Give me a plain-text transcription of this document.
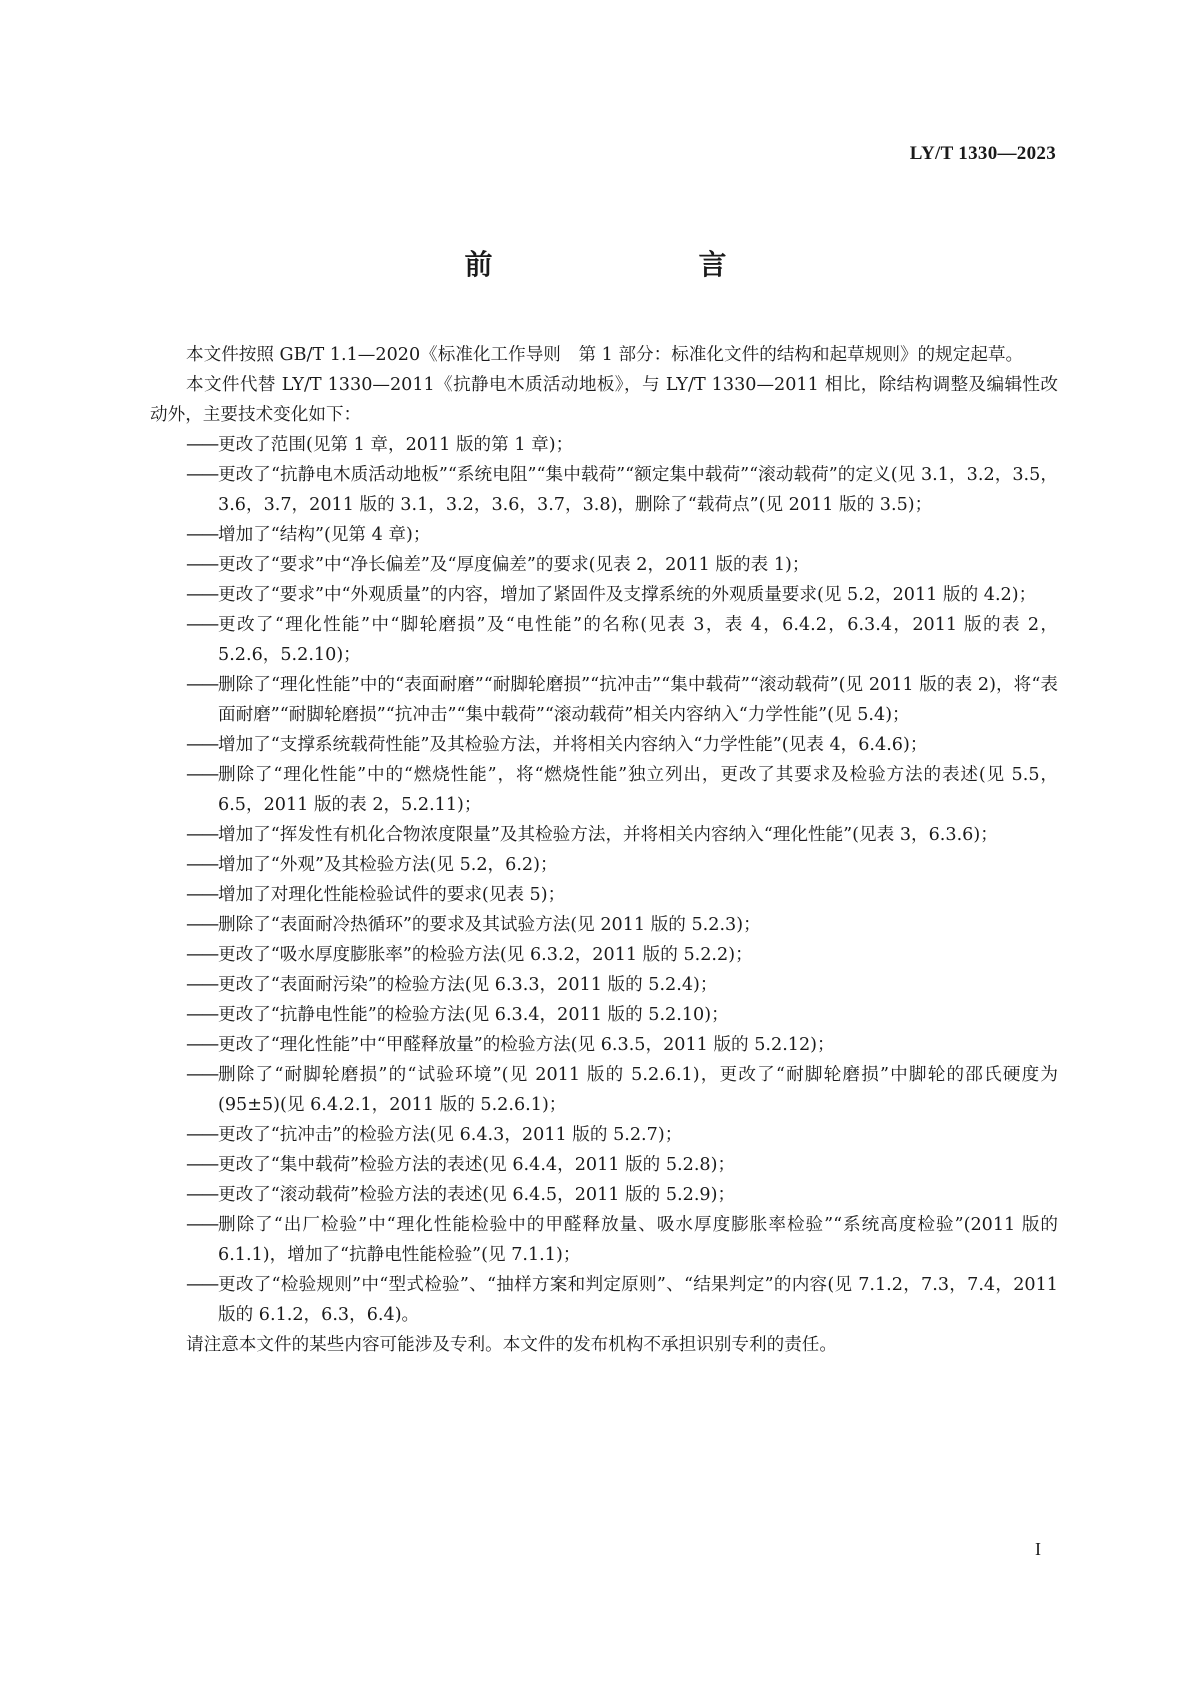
LY/T 1330—2023
前　　言

本文件按照 GB/T 1.1—2020《标准化工作导则　第 1 部分：标准化文件的结构和起草规则》的规定起草。

本文件代替 LY/T 1330—2011《抗静电木质活动地板》，与 LY/T 1330—2011 相比，除结构调整及编辑性改动外，主要技术变化如下：

—— 更改了范围(见第 1 章，2011 版的第 1 章)；

—— 更改了“抗静电木质活动地板”“系统电阻”“集中载荷”“额定集中载荷”“滚动载荷”的定义(见 3.1，3.2，3.5，3.6，3.7，2011 版的 3.1，3.2，3.6，3.7，3.8)，删除了“载荷点”(见 2011 版的 3.5)；

—— 增加了“结构”(见第 4 章)；

—— 更改了“要求”中“净长偏差”及“厚度偏差”的要求(见表 2，2011 版的表 1)；

—— 更改了“要求”中“外观质量”的内容，增加了紧固件及支撑系统的外观质量要求(见 5.2，2011 版的 4.2)；

—— 更改了“理化性能”中“脚轮磨损”及“电性能”的名称(见表 3，表 4，6.4.2，6.3.4，2011 版的表 2，5.2.6，5.2.10)；

—— 删除了“理化性能”中的“表面耐磨”“耐脚轮磨损”“抗冲击”“集中载荷”“滚动载荷”(见 2011 版的表 2)，将“表面耐磨”“耐脚轮磨损”“抗冲击”“集中载荷”“滚动载荷”相关内容纳入“力学性能”(见 5.4)；

—— 增加了“支撑系统载荷性能”及其检验方法，并将相关内容纳入“力学性能”(见表 4，6.4.6)；

—— 删除了“理化性能”中的“燃烧性能”，将“燃烧性能”独立列出，更改了其要求及检验方法的表述(见 5.5，6.5，2011 版的表 2，5.2.11)；

—— 增加了“挥发性有机化合物浓度限量”及其检验方法，并将相关内容纳入“理化性能”(见表 3，6.3.6)；

—— 增加了“外观”及其检验方法(见 5.2，6.2)；

—— 增加了对理化性能检验试件的要求(见表 5)；

—— 删除了“表面耐冷热循环”的要求及其试验方法(见 2011 版的 5.2.3)；

—— 更改了“吸水厚度膨胀率”的检验方法(见 6.3.2，2011 版的 5.2.2)；

—— 更改了“表面耐污染”的检验方法(见 6.3.3，2011 版的 5.2.4)；

—— 更改了“抗静电性能”的检验方法(见 6.3.4，2011 版的 5.2.10)；

—— 更改了“理化性能”中“甲醛释放量”的检验方法(见 6.3.5，2011 版的 5.2.12)；

—— 删除了“耐脚轮磨损”的“试验环境”(见 2011 版的 5.2.6.1)，更改了“耐脚轮磨损”中脚轮的邵氏硬度为(95±5)(见 6.4.2.1，2011 版的 5.2.6.1)；

—— 更改了“抗冲击”的检验方法(见 6.4.3，2011 版的 5.2.7)；

—— 更改了“集中载荷”检验方法的表述(见 6.4.4，2011 版的 5.2.8)；

—— 更改了“滚动载荷”检验方法的表述(见 6.4.5，2011 版的 5.2.9)；

—— 删除了“出厂检验”中“理化性能检验中的甲醛释放量、吸水厚度膨胀率检验”“系统高度检验”(2011 版的 6.1.1)，增加了“抗静电性能检验”(见 7.1.1)；

—— 更改了“检验规则”中“型式检验”、“抽样方案和判定原则”、“结果判定”的内容(见 7.1.2，7.3，7.4，2011 版的 6.1.2，6.3，6.4)。

请注意本文件的某些内容可能涉及专利。本文件的发布机构不承担识别专利的责任。

I
